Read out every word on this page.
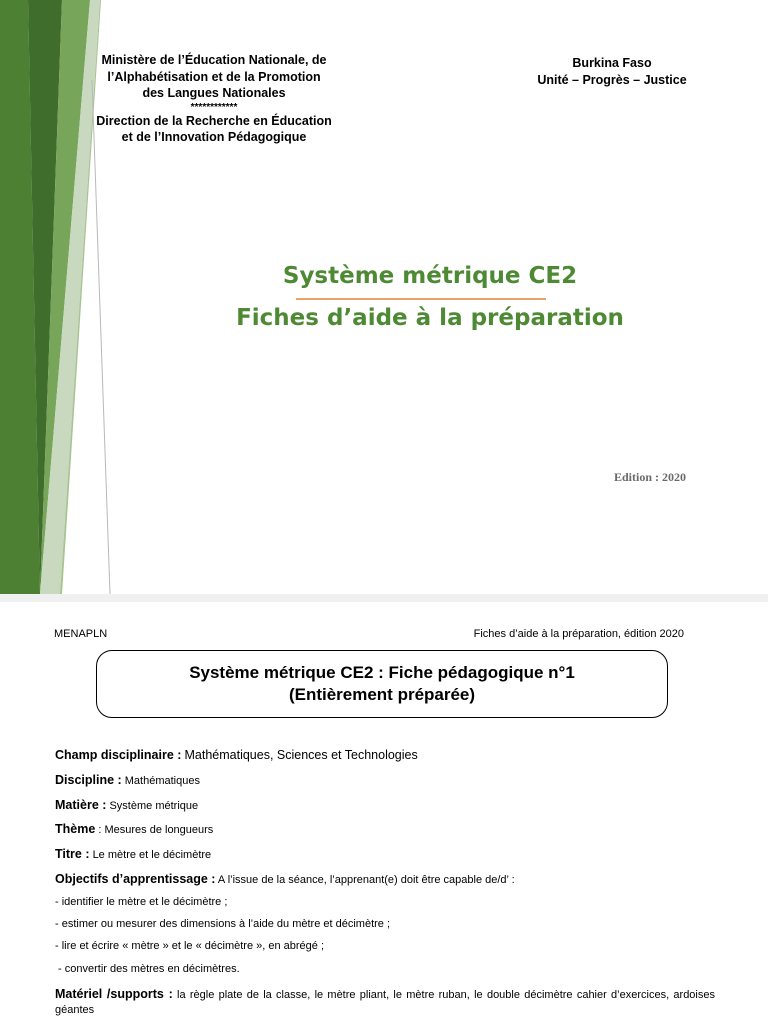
Ministère de l’Éducation Nationale, de
l’Alphabétisation et de la Promotion
des Langues Nationales
************
Direction de la Recherche en Éducation
et de l’Innovation Pédagogique
Burkina Faso
Unité – Progrès – Justice
Système métrique CE2
Fiches d’aide à la préparation
Edition : 2020
MENAPLN	Fiches d’aide à la préparation, édition 2020
Système métrique CE2 : Fiche pédagogique n°1
(Entièrement préparée)
Champ disciplinaire : Mathématiques, Sciences et Technologies
Discipline : Mathématiques
Matière : Système métrique
Thème : Mesures de longueurs
Titre : Le mètre et le décimètre
Objectifs d’apprentissage : A l’issue de la séance, l’apprenant(e) doit être capable de/d’ :
- identifier le mètre et le décimètre ;
- estimer ou mesurer des dimensions à l’aide du mètre et décimètre ;
- lire et écrire « mètre » et le « décimètre », en abrégé ;
- convertir des mètres en décimètres.
Matériel /supports : la règle plate de la classe, le mètre pliant, le mètre ruban, le double décimètre cahier d’exercices, ardoises géantes
